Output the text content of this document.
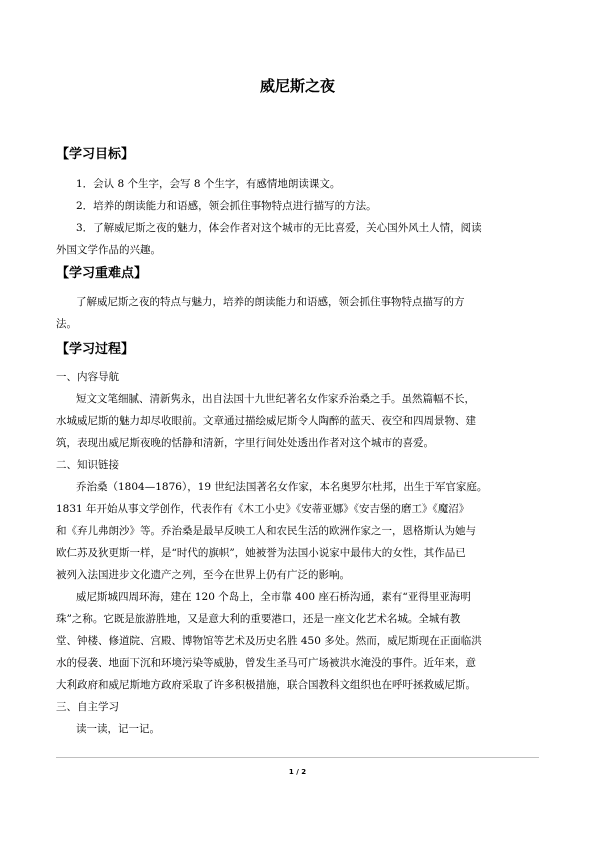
威尼斯之夜
【学习目标】
1．会认 8 个生字，会写 8 个生字，有感情地朗读课文。
2．培养的朗读能力和语感，领会抓住事物特点进行描写的方法。
3．了解威尼斯之夜的魅力，体会作者对这个城市的无比喜爱，关心国外风土人情，阅读
外国文学作品的兴趣。
【学习重难点】
了解威尼斯之夜的特点与魅力，培养的朗读能力和语感，领会抓住事物特点描写的方
法。
【学习过程】
一、内容导航
短文文笔细腻、清新隽永，出自法国十九世纪著名女作家乔治桑之手。虽然篇幅不长，
水城威尼斯的魅力却尽收眼前。文章通过描绘威尼斯令人陶醉的蓝天、夜空和四周景物、建
筑，表现出威尼斯夜晚的恬静和清新，字里行间处处透出作者对这个城市的喜爱。
二、知识链接
乔治桑（1804—1876），19 世纪法国著名女作家，本名奥罗尔杜邦，出生于军官家庭。
1831 年开始从事文学创作，代表作有《木工小史》《安蒂亚娜》《安吉堡的磨工》《魔沼》
和《弃儿弗朗沙》等。乔治桑是最早反映工人和农民生活的欧洲作家之一，恩格斯认为她与
欧仁苏及狄更斯一样，是“时代的旗帜”，她被誉为法国小说家中最伟大的女性，其作品已
被列入法国进步文化遗产之列，至今在世界上仍有广泛的影响。
威尼斯城四周环海，建在 120 个岛上，全市靠 400 座石桥沟通，素有“亚得里亚海明
珠”之称。它既是旅游胜地，又是意大利的重要港口，还是一座文化艺术名城。全城有教
堂、钟楼、修道院、宫殿、博物馆等艺术及历史名胜 450 多处。然而，威尼斯现在正面临洪
水的侵袭、地面下沉和环境污染等威胁，曾发生圣马可广场被洪水淹没的事件。近年来，意
大利政府和威尼斯地方政府采取了许多积极措施，联合国教科文组织也在呼吁拯救威尼斯。
三、自主学习
读一读，记一记。
1 / 2
